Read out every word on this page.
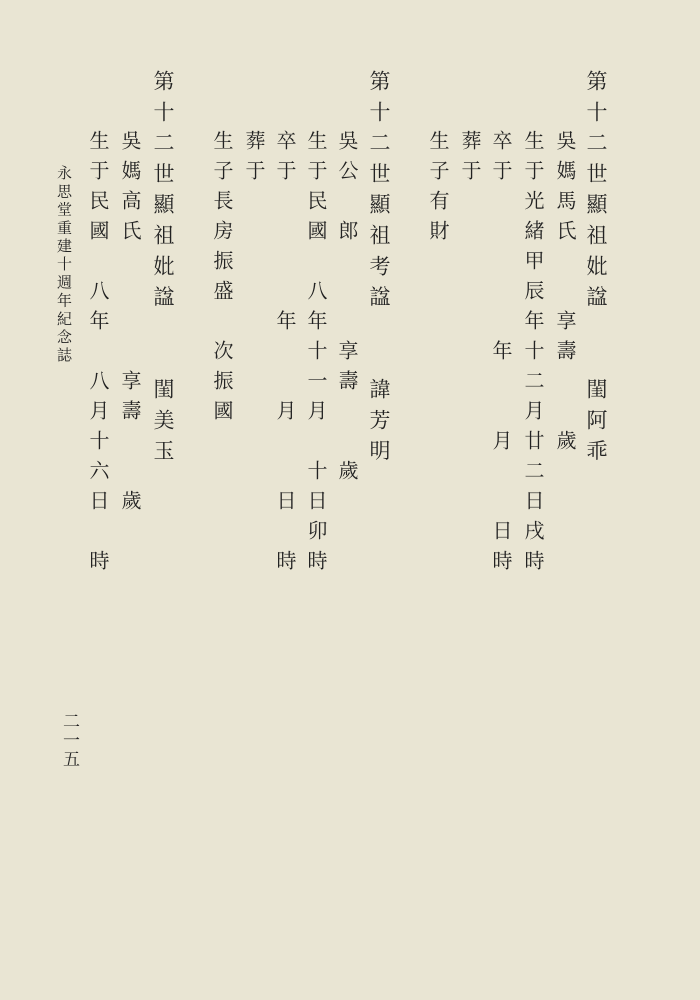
第十二世顯祖妣諡　　閨阿乖
吳媽馬氏　　享壽　　歲
生于光緒甲辰年十二月廿二日戌時
卒于　　　　　年　　月　　日時
葬于
生子有財
第十二世顯祖考諡　　諱芳明
吳公　郎　　　享壽　　歲
生于民國　八年十一月　十日卯時
卒于　　　　年　　月　　日　時
葬于
生子長房振盛　次振國
第十二世顯祖妣諡　　閨美玉
吳媽高氏　　　　享壽　　歲
生于民國　八年　八月十六日　時
永思堂重建十週年紀念誌
二一五
